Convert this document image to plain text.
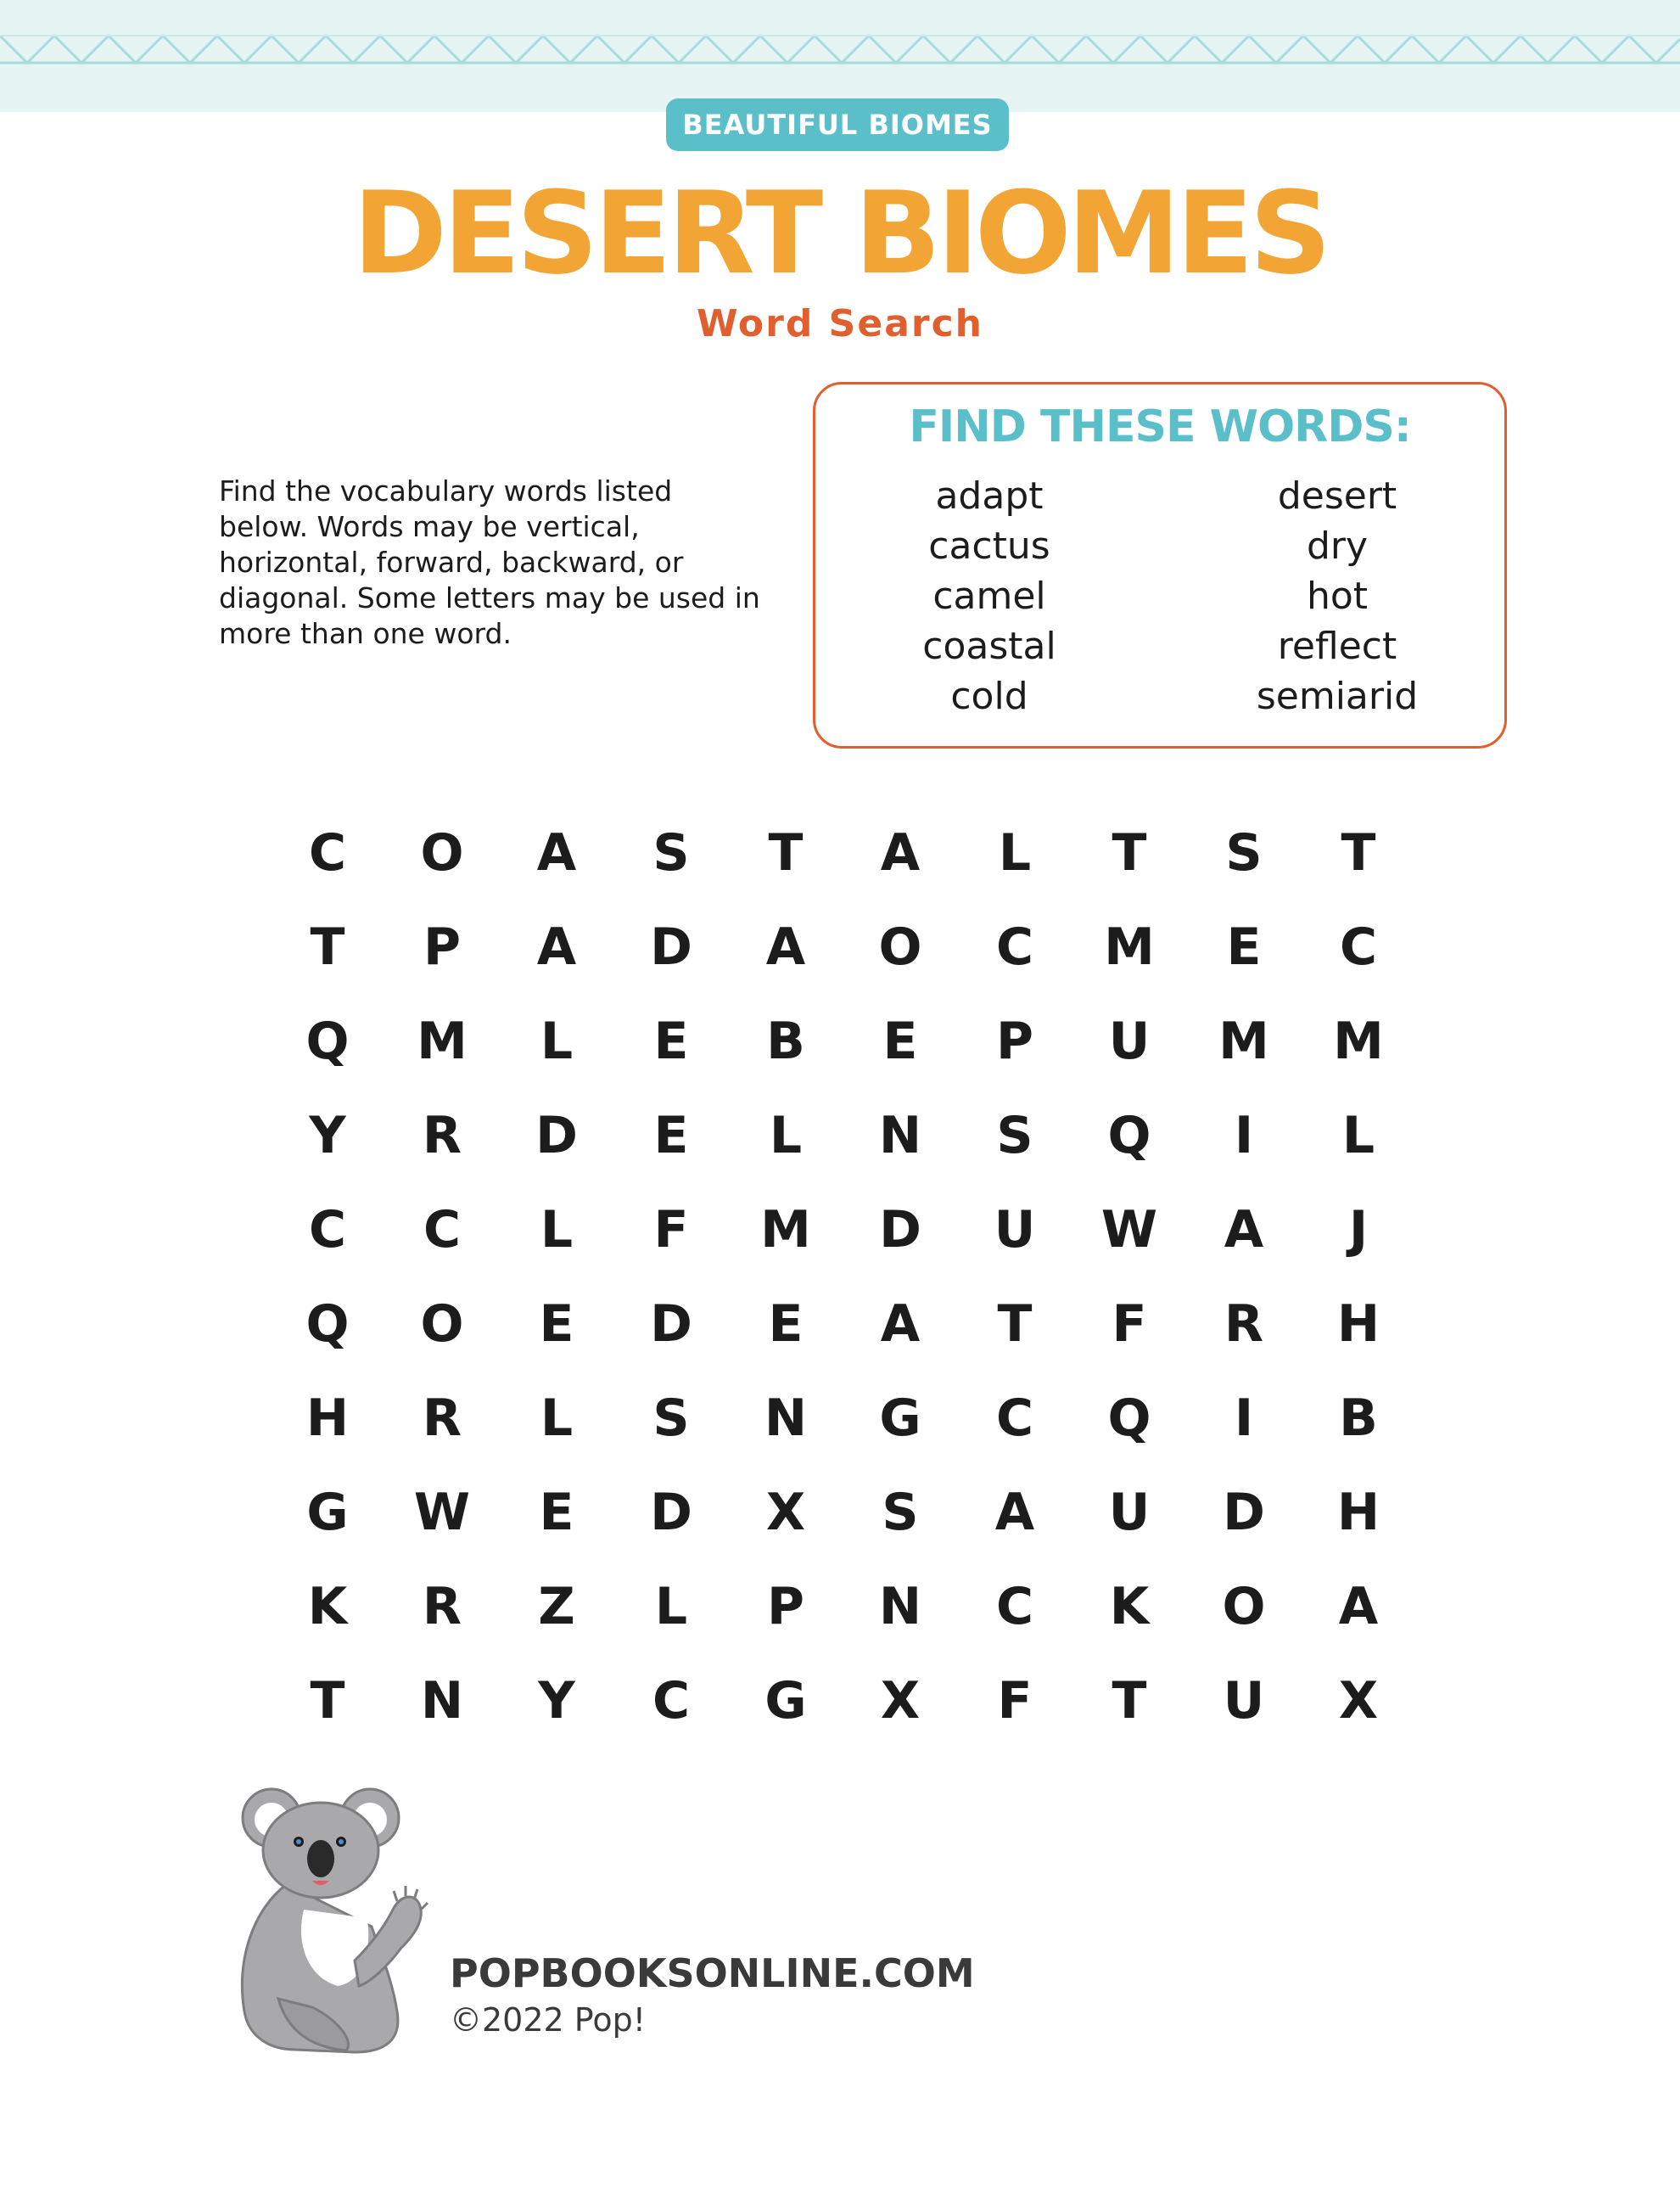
BEAUTIFUL BIOMES
DESERT BIOMES
Word Search
Find the vocabulary words listed below. Words may be vertical, horizontal, forward, backward, or diagonal. Some letters may be used in more than one word.
FIND THESE WORDS:
adapt
cactus
camel
coastal
cold
desert
dry
hot
reflect
semiarid
C	O	A	S	T	A	L	T	S	T
T	P	A	D	A	O	C	M	E	C
Q	M	L	E	B	E	P	U	M	M
Y	R	D	E	L	N	S	Q	I	L
C	C	L	F	M	D	U	W	A	J
Q	O	E	D	E	A	T	F	R	H
H	R	L	S	N	G	C	Q	I	B
G	W	E	D	X	S	A	U	D	H
K	R	Z	L	P	N	C	K	O	A
T	N	Y	C	G	X	F	T	U	X
POPBOOKSONLINE.COM
©2022 Pop!
